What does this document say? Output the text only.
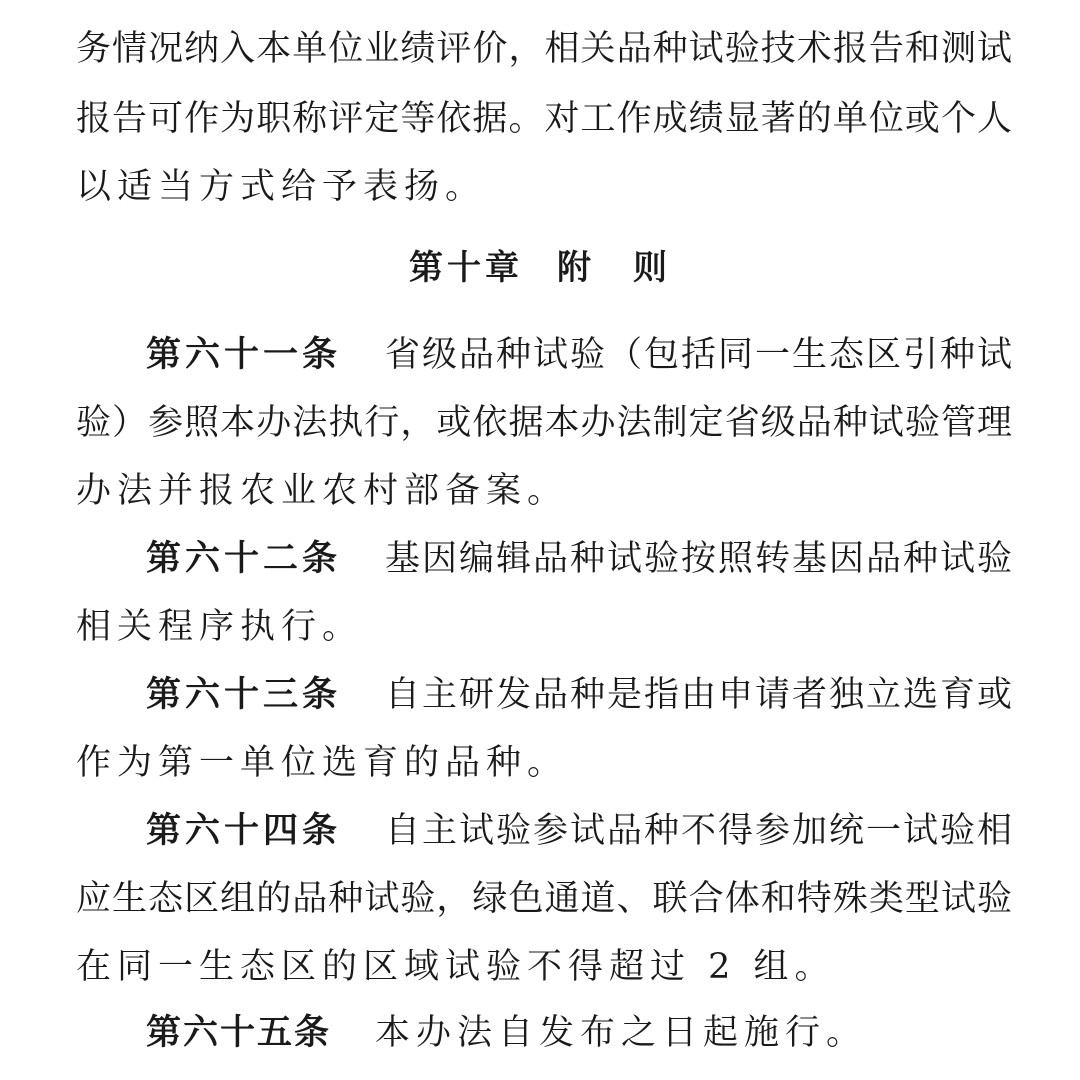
务情况纳入本单位业绩评价，相关品种试验技术报告和测试
报告可作为职称评定等依据。对工作成绩显著的单位或个人
以适当方式给予表扬。
第十章 附　则
第六十一条 省级品种试验（包括同一生态区引种试
验）参照本办法执行，或依据本办法制定省级品种试验管理
办法并报农业农村部备案。
第六十二条 基因编辑品种试验按照转基因品种试验
相关程序执行。
第六十三条 自主研发品种是指由申请者独立选育或
作为第一单位选育的品种。
第六十四条 自主试验参试品种不得参加统一试验相
应生态区组的品种试验，绿色通道、联合体和特殊类型试验
在同一生态区的区域试验不得超过 2 组。
第六十五条 本办法自发布之日起施行。
